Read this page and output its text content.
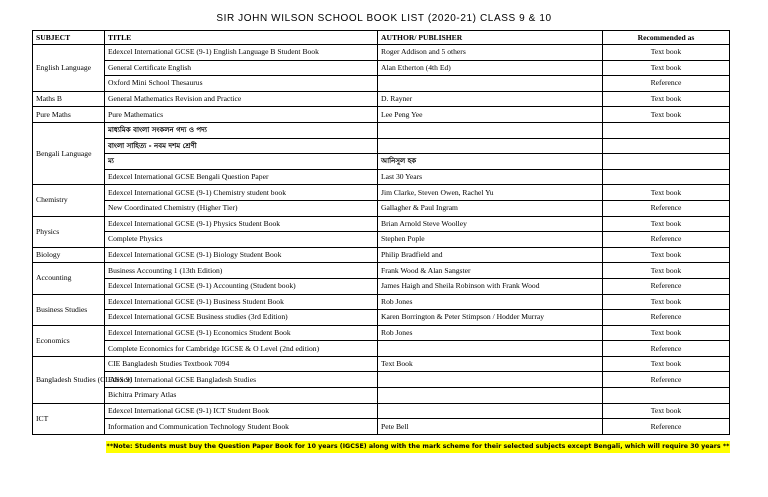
SIR JOHN WILSON SCHOOL BOOK LIST (2020-21) CLASS 9 & 10
SUBJECT	TITLE	AUTHOR/ PUBLISHER	Recommended as
English Language	Edexcel International GCSE (9-1) English Language B Student Book	Roger Addison and 5 others	Text book
	General Certificate English	Alan Etherton (4th Ed)	Text book
	Oxford Mini School Thesaurus		Reference
Maths B	General Mathematics Revision and Practice	D. Rayner	Text book
Pure Maths	Pure Mathematics	Lee Peng Yee	Text book
Bengali Language	মাধ্যমিক বাংলা সংকলন গদ্য ও পদ্য		
	বাংলা সাহিত্য - নবম দশম শ্রেণী		
	ম্য	আনিসুল হক	
	Edexcel International GCSE Bengali Question Paper	Last 30 Years	
Chemistry	Edexcel International GCSE (9-1) Chemistry student book	Jim Clarke, Steven Owen, Rachel Yu	Text book
	New Coordinated Chemistry (Higher Tier)	Gallagher & Paul Ingram	Reference
Physics	Edexcel International GCSE (9-1) Physics Student Book	Brian Arnold Steve Woolley	Text book
	Complete Physics	Stephen Pople	Reference
Biology	Edexcel International GCSE (9-1) Biology Student Book	Philip Bradfield and	Text book
Accounting	Business Accounting 1 (13th Edition)	Frank Wood & Alan Sangster	Text book
	Edexcel International GCSE (9-1) Accounting (Student book)	James Haigh and Sheila Robinson with Frank Wood	Reference
Business Studies	Edexcel International GCSE (9-1) Business Student Book	Rob Jones	Text book
	Edexcel International GCSE Business studies (3rd Edition)	Karen Borrington & Peter Stimpson / Hodder Murray	Reference
Economics	Edexcel International GCSE (9-1) Economics Student Book	Rob Jones	Text book
	Complete Economics for Cambridge IGCSE & O Level (2nd edition)		Reference
Bangladesh Studies (CLASS 9)	CIE Bangladesh Studies Textbook 7094	Text Book	Text book
	Edexcel International GCSE Bangladesh Studies		Reference
	Bichitra Primary Atlas		
ICT	Edexcel International GCSE (9-1) ICT Student Book		Text book
	Information and Communication Technology Student Book	Pete Bell	Reference
**Note: Students must buy the Question Paper Book for 10 years (IGCSE) along with the mark scheme for their selected subjects except Bengali, which will require 30 years **
